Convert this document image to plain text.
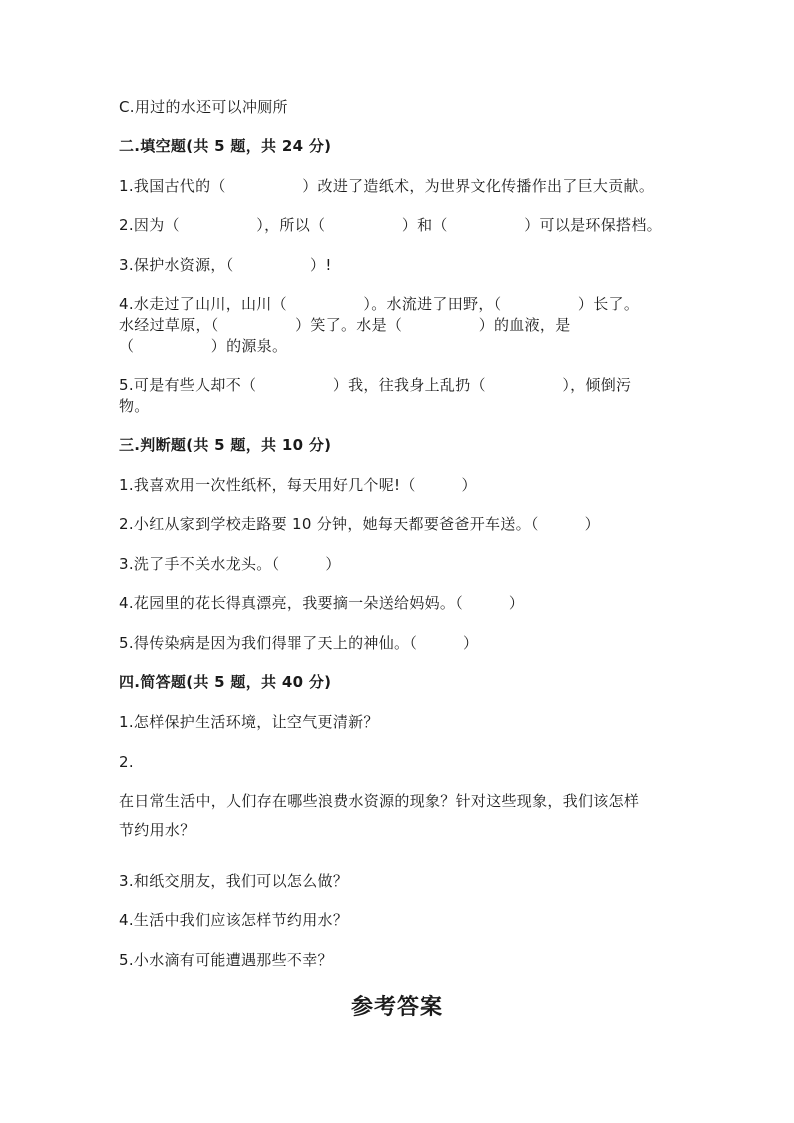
C.用过的水还可以冲厕所
二.填空题(共 5 题，共 24 分)
1.我国古代的（　　　　　）改进了造纸术，为世界文化传播作出了巨大贡献。
2.因为（　　　　　），所以（　　　　　）和（　　　　　）可以是环保搭档。
3.保护水资源，（　　　　　）!
4.水走过了山川，山川（　　　　　）。水流进了田野，（　　　　　）长了。
水经过草原，（　　　　　）笑了。水是（　　　　　）的血液，是
（　　　　　）的源泉。
5.可是有些人却不（　　　　　）我，往我身上乱扔（　　　　　），倾倒污
物。
三.判断题(共 5 题，共 10 分)
1.我喜欢用一次性纸杯，每天用好几个呢!（　　　）
2.小红从家到学校走路要 10 分钟，她每天都要爸爸开车送。（　　　）
3.洗了手不关水龙头。（　　　）
4.花园里的花长得真漂亮，我要摘一朵送给妈妈。（　　　）
5.得传染病是因为我们得罪了天上的神仙。（　　　）
四.简答题(共 5 题，共 40 分)
1.怎样保护生活环境，让空气更清新？
2.
在日常生活中，人们存在哪些浪费水资源的现象？针对这些现象，我们该怎样
节约用水？
3.和纸交朋友，我们可以怎么做？
4.生活中我们应该怎样节约用水？
5.小水滴有可能遭遇那些不幸？
参考答案
